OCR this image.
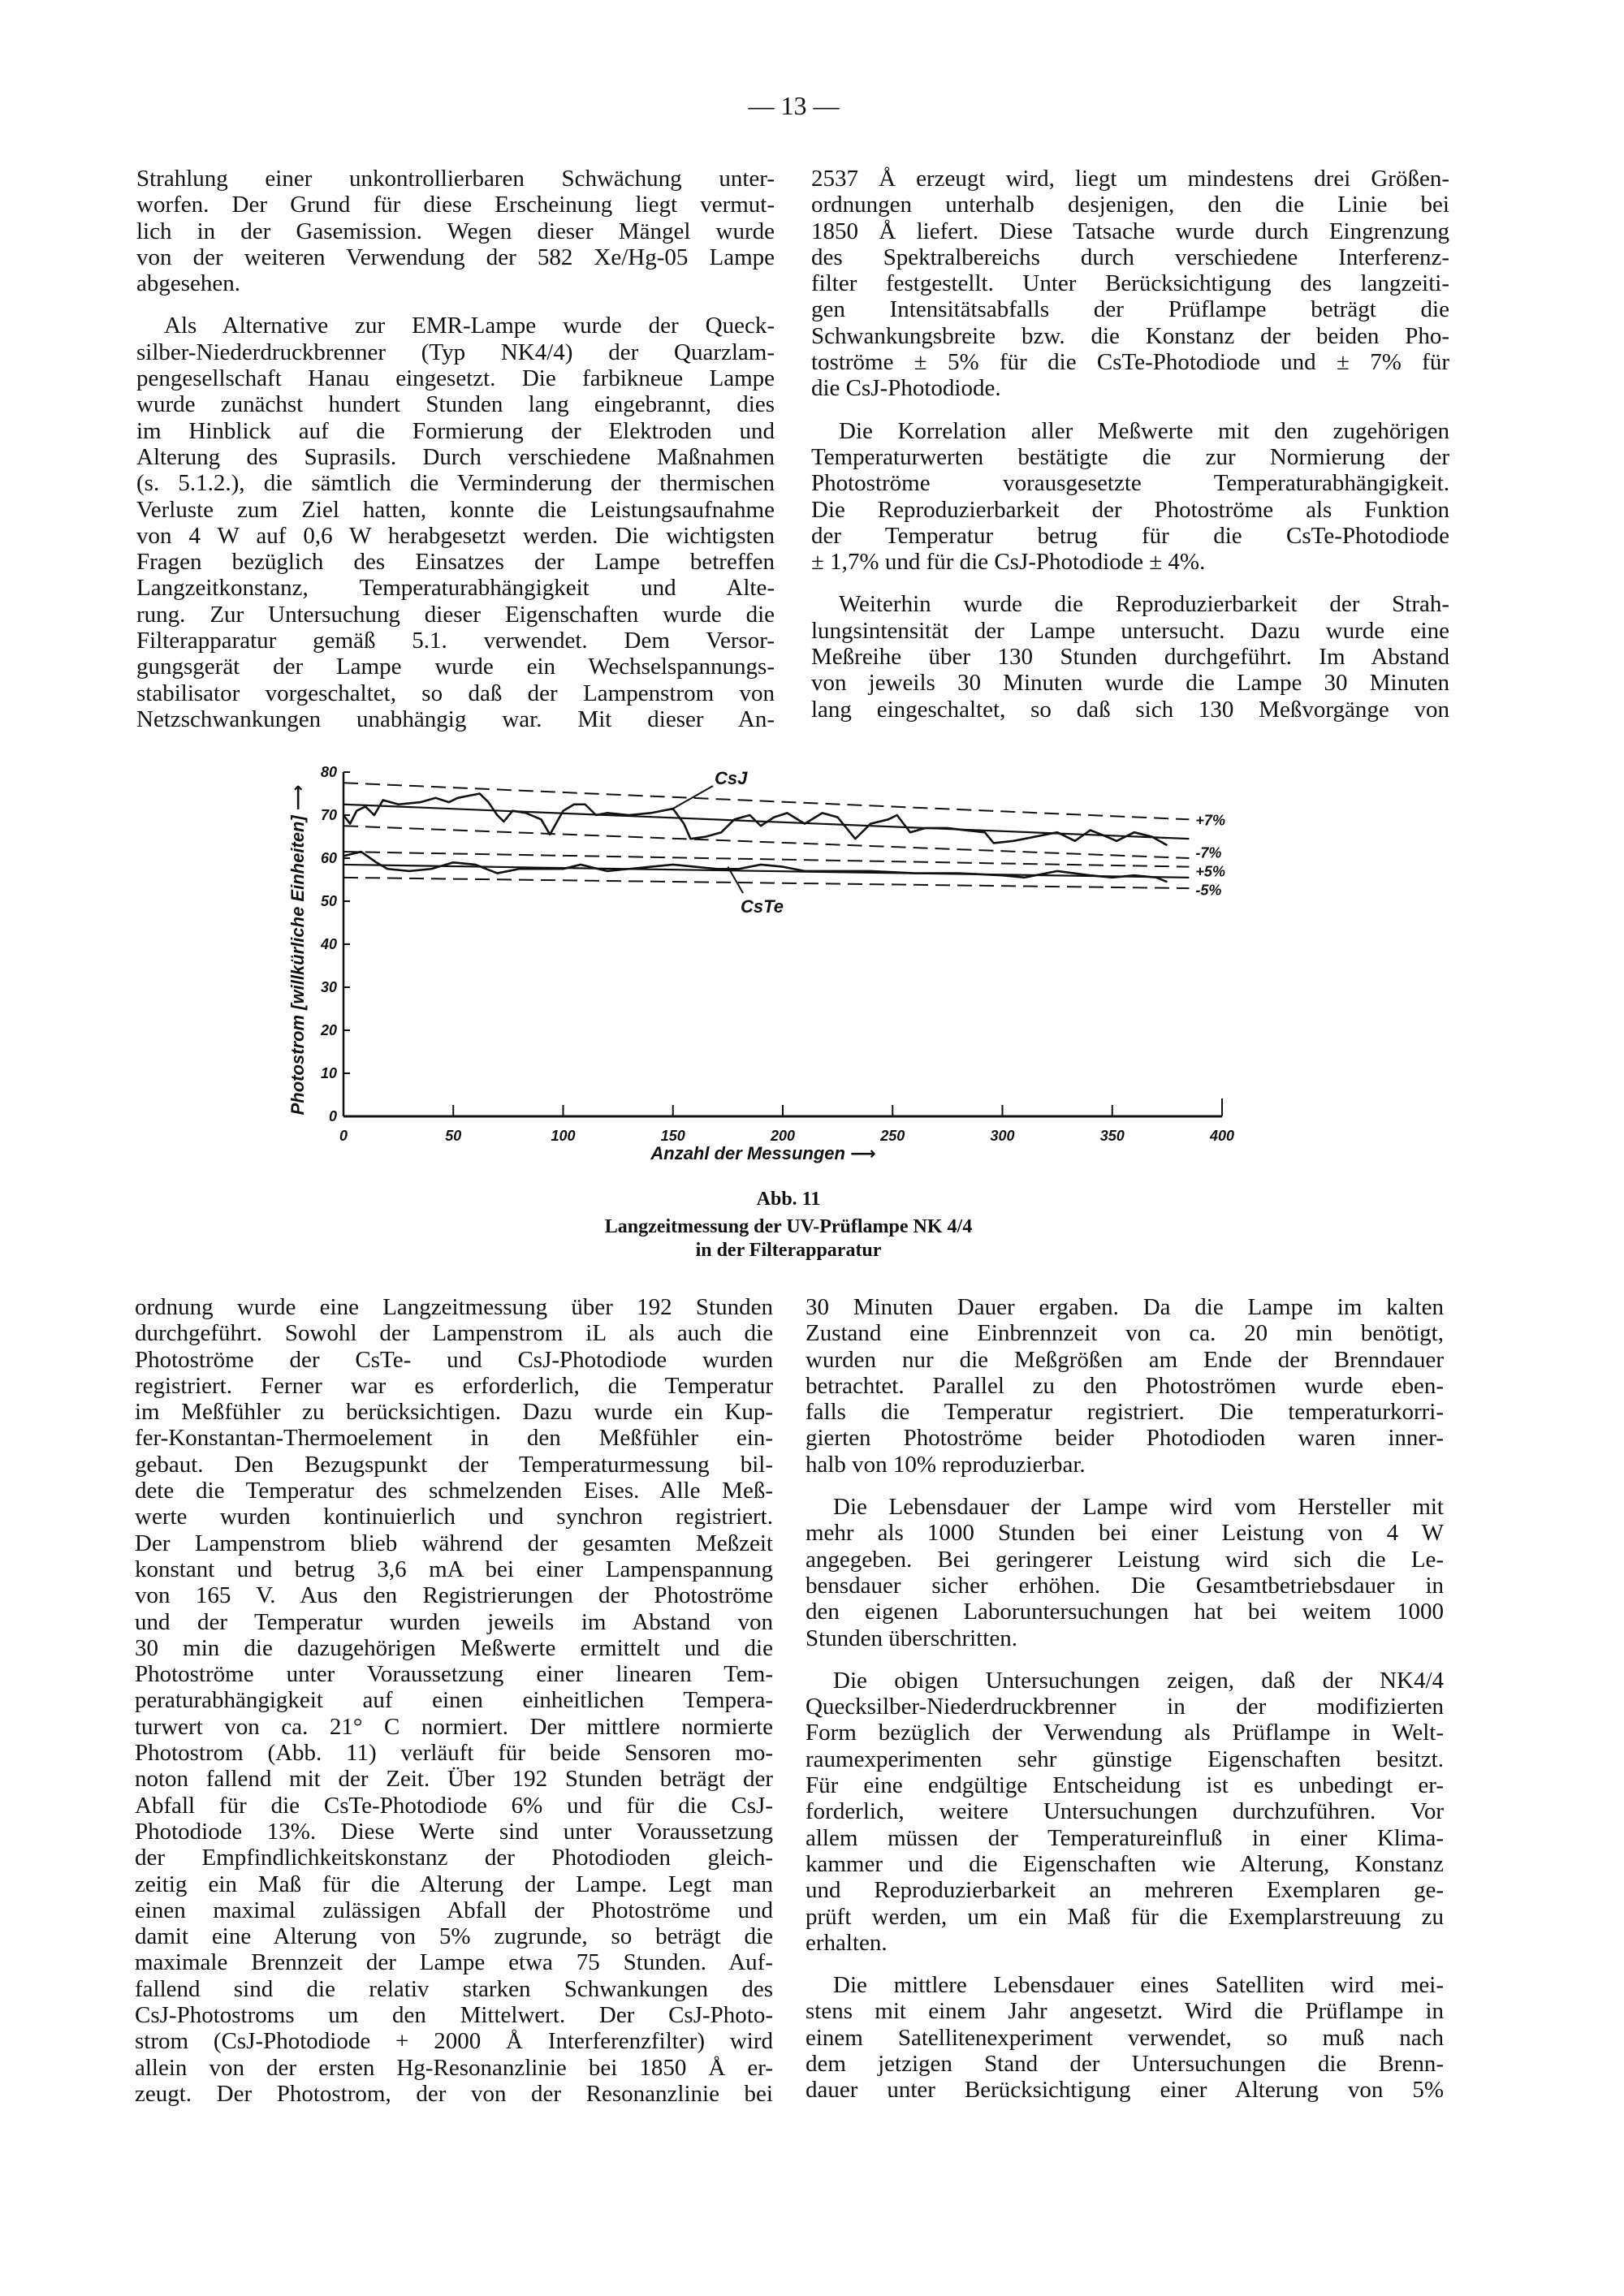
— 13 —
Strahlung einer unkontrollierbaren Schwächung unter-
worfen. Der Grund für diese Erscheinung liegt vermut-
lich in der Gasemission. Wegen dieser Mängel wurde
von der weiteren Verwendung der 582 Xe/Hg-05 Lampe
abgesehen.
Als Alternative zur EMR-Lampe wurde der Queck-
silber-Niederdruckbrenner (Typ NK4/4) der Quarzlam-
pengesellschaft Hanau eingesetzt. Die farbikneue Lampe
wurde zunächst hundert Stunden lang eingebrannt, dies
im Hinblick auf die Formierung der Elektroden und
Alterung des Suprasils. Durch verschiedene Maßnahmen
(s. 5.1.2.), die sämtlich die Verminderung der thermischen
Verluste zum Ziel hatten, konnte die Leistungsaufnahme
von 4 W auf 0,6 W herabgesetzt werden. Die wichtigsten
Fragen bezüglich des Einsatzes der Lampe betreffen
Langzeitkonstanz, Temperaturabhängigkeit und Alte-
rung. Zur Untersuchung dieser Eigenschaften wurde die
Filterapparatur gemäß 5.1. verwendet. Dem Versor-
gungsgerät der Lampe wurde ein Wechselspannungs-
stabilisator vorgeschaltet, so daß der Lampenstrom von
Netzschwankungen unabhängig war. Mit dieser An-
2537 Å erzeugt wird, liegt um mindestens drei Größen-
ordnungen unterhalb desjenigen, den die Linie bei
1850 Å liefert. Diese Tatsache wurde durch Eingrenzung
des Spektralbereichs durch verschiedene Interferenz-
filter festgestellt. Unter Berücksichtigung des langzeiti-
gen Intensitätsabfalls der Prüflampe beträgt die
Schwankungsbreite bzw. die Konstanz der beiden Pho-
toströme ± 5% für die CsTe-Photodiode und ± 7% für
die CsJ-Photodiode.
Die Korrelation aller Meßwerte mit den zugehörigen
Temperaturwerten bestätigte die zur Normierung der
Photoströme vorausgesetzte Temperaturabhängigkeit.
Die Reproduzierbarkeit der Photoströme als Funktion
der Temperatur betrug für die CsTe-Photodiode
± 1,7% und für die CsJ-Photodiode ± 4%.
Weiterhin wurde die Reproduzierbarkeit der Strah-
lungsintensität der Lampe untersucht. Dazu wurde eine
Meßreihe über 130 Stunden durchgeführt. Im Abstand
von jeweils 30 Minuten wurde die Lampe 30 Minuten
lang eingeschaltet, so daß sich 130 Meßvorgänge von
0	50	100	150	200	250	300	350	400
0
10
20
30
40
50
60
70
80
+7%
-7%
+5%
-5%
CsJ
CsTe
Anzahl der Messungen ⟶
Photostrom [willkürliche Einheiten] ⟶
Abb. 11
Langzeitmessung der UV-Prüflampe NK 4/4
in der Filterapparatur
ordnung wurde eine Langzeitmessung über 192 Stunden
durchgeführt. Sowohl der Lampenstrom iL als auch die
Photoströme der CsTe- und CsJ-Photodiode wurden
registriert. Ferner war es erforderlich, die Temperatur
im Meßfühler zu berücksichtigen. Dazu wurde ein Kup-
fer-Konstantan-Thermoelement in den Meßfühler ein-
gebaut. Den Bezugspunkt der Temperaturmessung bil-
dete die Temperatur des schmelzenden Eises. Alle Meß-
werte wurden kontinuierlich und synchron registriert.
Der Lampenstrom blieb während der gesamten Meßzeit
konstant und betrug 3,6 mA bei einer Lampenspannung
von 165 V. Aus den Registrierungen der Photoströme
und der Temperatur wurden jeweils im Abstand von
30 min die dazugehörigen Meßwerte ermittelt und die
Photoströme unter Voraussetzung einer linearen Tem-
peraturabhängigkeit auf einen einheitlichen Tempera-
turwert von ca. 21° C normiert. Der mittlere normierte
Photostrom (Abb. 11) verläuft für beide Sensoren mo-
noton fallend mit der Zeit. Über 192 Stunden beträgt der
Abfall für die CsTe-Photodiode 6% und für die CsJ-
Photodiode 13%. Diese Werte sind unter Voraussetzung
der Empfindlichkeitskonstanz der Photodioden gleich-
zeitig ein Maß für die Alterung der Lampe. Legt man
einen maximal zulässigen Abfall der Photoströme und
damit eine Alterung von 5% zugrunde, so beträgt die
maximale Brennzeit der Lampe etwa 75 Stunden. Auf-
fallend sind die relativ starken Schwankungen des
CsJ-Photostroms um den Mittelwert. Der CsJ-Photo-
strom (CsJ-Photodiode + 2000 Å Interferenzfilter) wird
allein von der ersten Hg-Resonanzlinie bei 1850 Å er-
zeugt. Der Photostrom, der von der Resonanzlinie bei
30 Minuten Dauer ergaben. Da die Lampe im kalten
Zustand eine Einbrennzeit von ca. 20 min benötigt,
wurden nur die Meßgrößen am Ende der Brenndauer
betrachtet. Parallel zu den Photoströmen wurde eben-
falls die Temperatur registriert. Die temperaturkorri-
gierten Photoströme beider Photodioden waren inner-
halb von 10% reproduzierbar.
Die Lebensdauer der Lampe wird vom Hersteller mit
mehr als 1000 Stunden bei einer Leistung von 4 W
angegeben. Bei geringerer Leistung wird sich die Le-
bensdauer sicher erhöhen. Die Gesamtbetriebsdauer in
den eigenen Laboruntersuchungen hat bei weitem 1000
Stunden überschritten.
Die obigen Untersuchungen zeigen, daß der NK4/4
Quecksilber-Niederdruckbrenner in der modifizierten
Form bezüglich der Verwendung als Prüflampe in Welt-
raumexperimenten sehr günstige Eigenschaften besitzt.
Für eine endgültige Entscheidung ist es unbedingt er-
forderlich, weitere Untersuchungen durchzuführen. Vor
allem müssen der Temperatureinfluß in einer Klima-
kammer und die Eigenschaften wie Alterung, Konstanz
und Reproduzierbarkeit an mehreren Exemplaren ge-
prüft werden, um ein Maß für die Exemplarstreuung zu
erhalten.
Die mittlere Lebensdauer eines Satelliten wird mei-
stens mit einem Jahr angesetzt. Wird die Prüflampe in
einem Satellitenexperiment verwendet, so muß nach
dem jetzigen Stand der Untersuchungen die Brenn-
dauer unter Berücksichtigung einer Alterung von 5%
